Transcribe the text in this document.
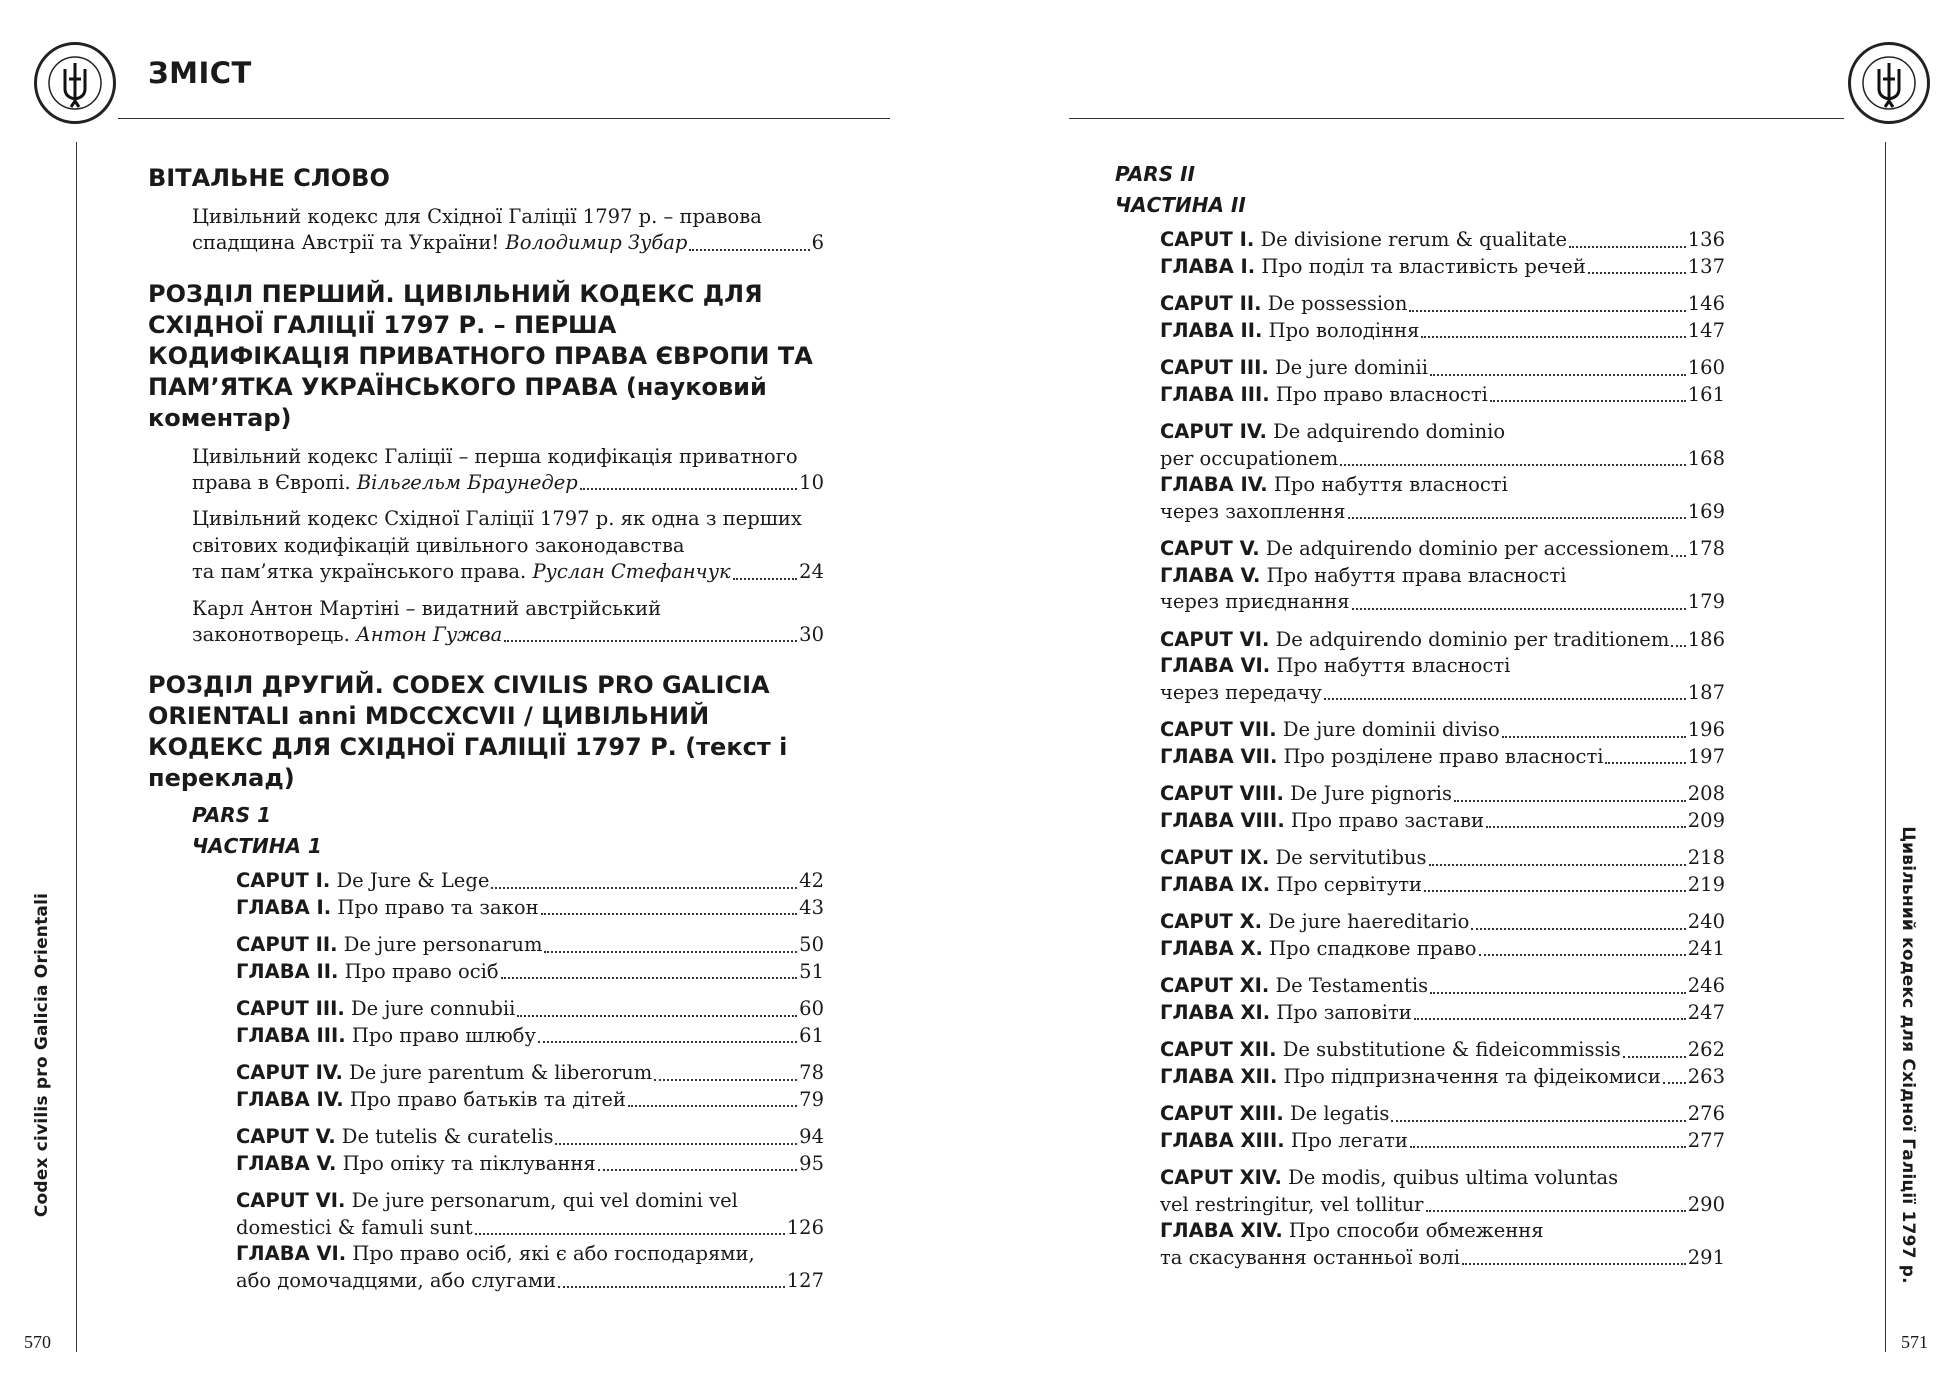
ЗМІСТ
Codex civilis pro Galicia Orientali
570
ВІТАЛЬНЕ СЛОВО
Цивільний кодекс для Східної Галіції 1797 р. – правова
спадщина Австрії та України! Володимир Зубар	6
РОЗДІЛ ПЕРШИЙ. ЦИВІЛЬНИЙ КОДЕКС ДЛЯ СХІДНОЇ ГАЛІЦІЇ 1797 Р. – ПЕРША КОДИФІКАЦІЯ ПРИВАТНОГО ПРАВА ЄВРОПИ ТА ПАМ’ЯТКА УКРАЇНСЬКОГО ПРАВА (науковий коментар)
Цивільний кодекс Галіції – перша кодифікація приватного
права в Європі. Вільгельм Браунедер	10
Цивільний кодекс Східної Галіції 1797 р. як одна з перших
світових кодифікацій цивільного законодавства
та пам’ятка українського права. Руслан Стефанчук	24
Карл Антон Мартіні – видатний австрійський
законотворець. Антон Гужва	30
РОЗДІЛ ДРУГИЙ. CODEX CIVILIS PRO GALICIA ORIENTALI anni MDCCXCVII / ЦИВІЛЬНИЙ КОДЕКС ДЛЯ СХІДНОЇ ГАЛІЦІЇ 1797 Р. (текст і переклад)
PARS 1
ЧАСТИНА 1
CAPUT I. De Jure & Lege	42
ГЛАВА I. Про право та закон	43
CAPUT II. De jure personarum	50
ГЛАВА II. Про право осіб	51
CAPUT III. De jure connubii	60
ГЛАВА III. Про право шлюбу	61
CAPUT IV. De jure parentum & liberorum	78
ГЛАВА IV. Про право батьків та дітей	79
CAPUT V. De tutelis & curatelis	94
ГЛАВА V. Про опіку та піклування	95
CAPUT VI. De jure personarum, qui vel domini vel
domestici & famuli sunt	126
ГЛАВА VI. Про право осіб, які є або господарями,
або домочадцями, або слугами	127	Цивільний кодекс для Східної Галіції 1797 р.
571
PARS II
ЧАСТИНА II
CAPUT I. De divisione rerum & qualitate	136
ГЛАВА I. Про поділ та властивість речей	137
CAPUT II. De possession	146
ГЛАВА II. Про володіння	147
CAPUT III. De jure dominii	160
ГЛАВА III. Про право власності	161
CAPUT IV. De adquirendo dominio
per occupationem	168
ГЛАВА IV. Про набуття власності
через захоплення	169
CAPUT V. De adquirendo dominio per accessionem 178
ГЛАВА V. Про набуття права власності
через приєднання	179
CAPUT VI. De adquirendo dominio per traditionem 186
ГЛАВА VI. Про набуття власності
через передачу	187
CAPUT VII. De jure dominii diviso	196
ГЛАВА VII. Про розділене право власності	197
CAPUT VIII. De Jure pignoris	208
ГЛАВА VIII. Про право застави	209
CAPUT IX. De servitutibus	218
ГЛАВА IX. Про сервітути	219
CAPUT X. De jure haereditario	240
ГЛАВА X. Про спадкове право	241
CAPUT XI. De Testamentis	246
ГЛАВА XI. Про заповіти	247
CAPUT XII. De substitutione & fideicommissis	262
ГЛАВА XII. Про підпризначення та фідеікомиси 263
CAPUT XIII. De legatis	276
ГЛАВА XIII. Про легати	277
CAPUT XIV. De modis, quibus ultima voluntas
vel restringitur, vel tollitur	290
ГЛАВА XIV. Про способи обмеження
та скасування останньої волі	291
